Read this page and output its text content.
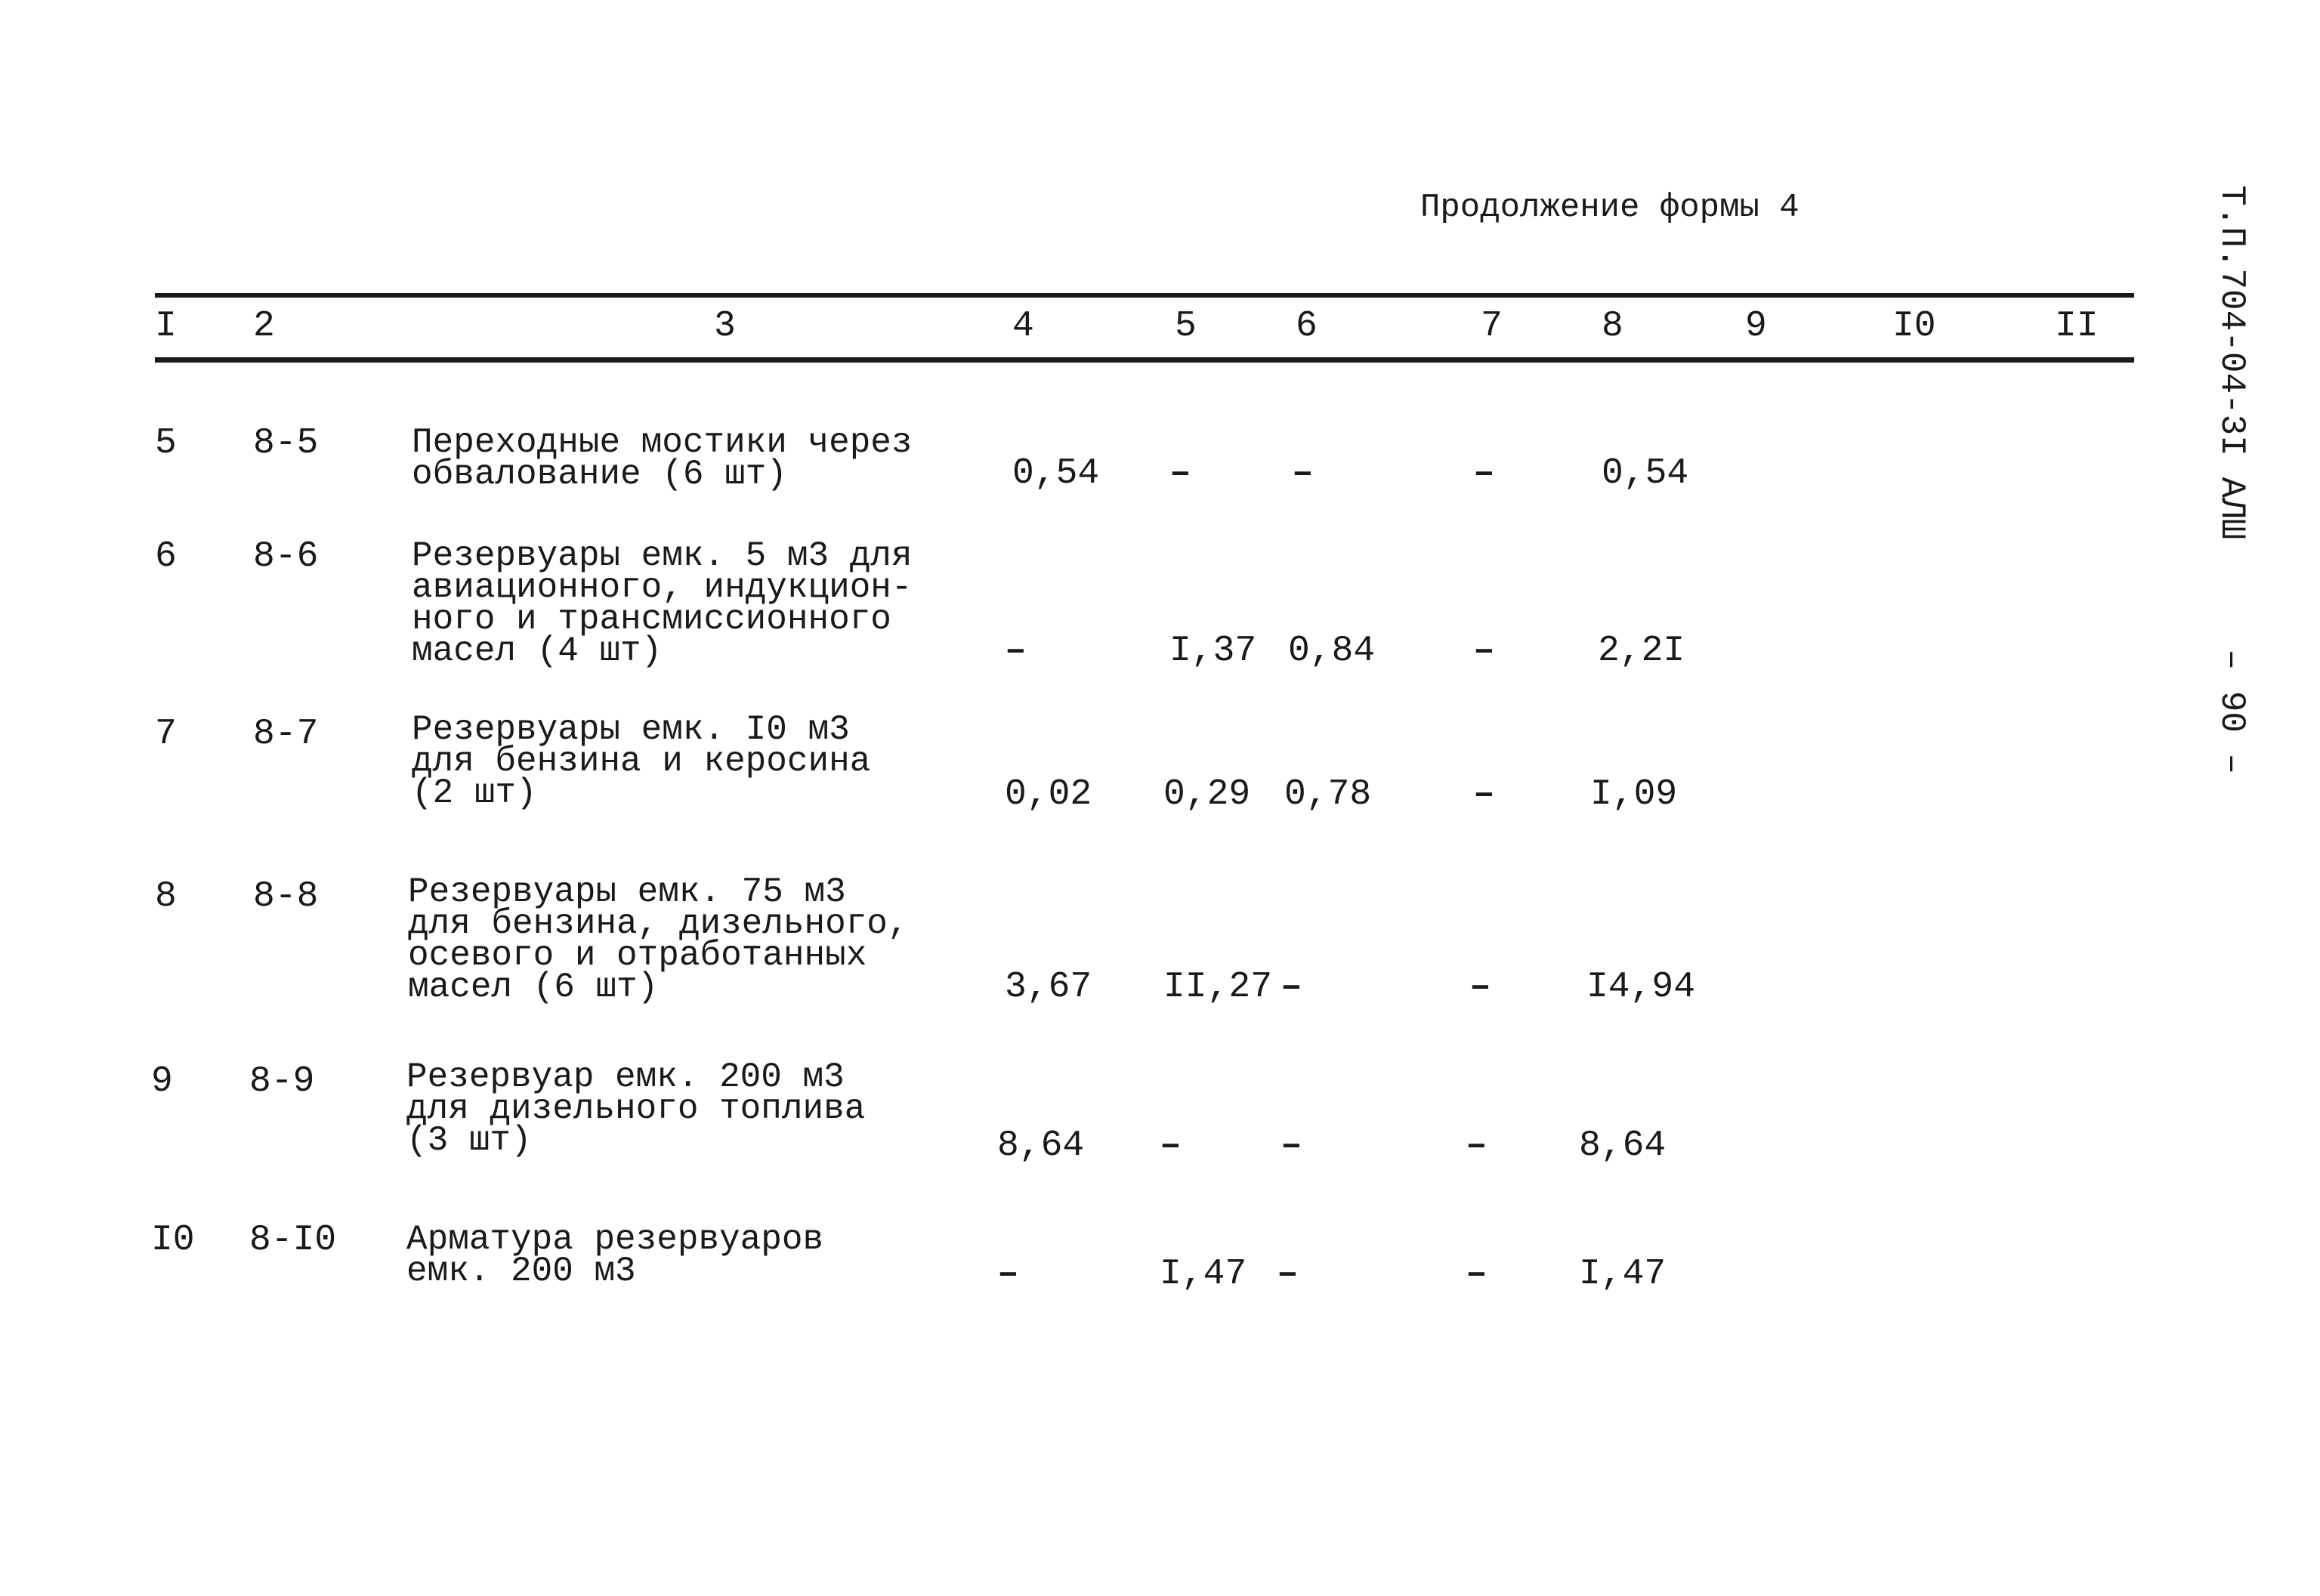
Продолжение формы 4	Т.П.704-04-3I АЛШ  – 90 –
I 2	3	4	5	6	7	8	9	I0	II
5 8-5	Переходные мостики через
обвалование (6 шт)	0,54 –	–	–	0,54
6 8-6	Резервуары емк. 5 м3 для
авиационного, индукцион-
ного и трансмиссионного
масел (4 шт)	–	I,37 0,84	–	2,2I
7 8-7	Резервуары емк. I0 м3
для бензина и керосина
(2 шт)	0,02 0,29 0,78	–	I,09
8 8-8	Резервуары емк. 75 м3
для бензина, дизельного,
осевого и отработанных
масел (6 шт)	3,67 II,27 –	–	I4,94
9 8-9	Резервуар емк. 200 м3
для дизельного топлива
(3 шт)	8,64 –	–	–	8,64
I0 8-I0 Арматура резервуаров
емк. 200 м3	–	I,47 –	–	I,47
